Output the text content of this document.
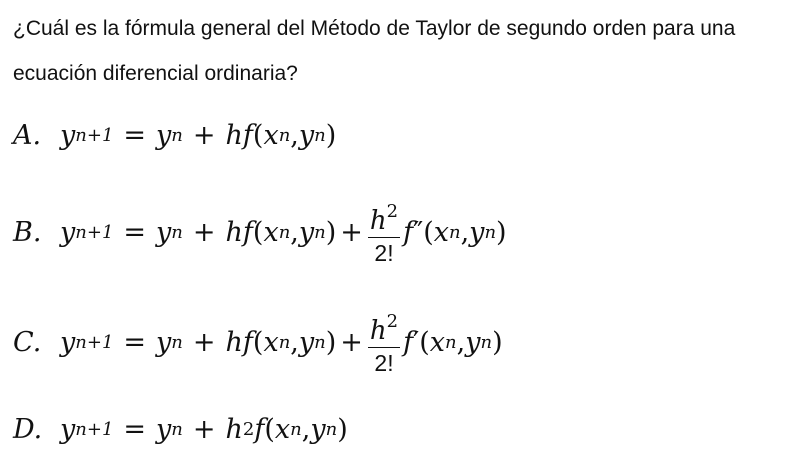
¿Cuál es la fórmula general del Método de Taylor de segundo orden para una
ecuación diferencial ordinaria?
A. y n+1 = y n + h f ( x n , y n )
B. y n+1 = y n + h f ( x n , y n ) + $\frac{h^2}{2!}$ f ″ ( x n , y n )
C. y n+1 = y n + h f ( x n , y n ) + $\frac{h^2}{2!}$ f ′ ( x n , y n )
D. y n+1 = y n + h 2 f ( x n , y n )
